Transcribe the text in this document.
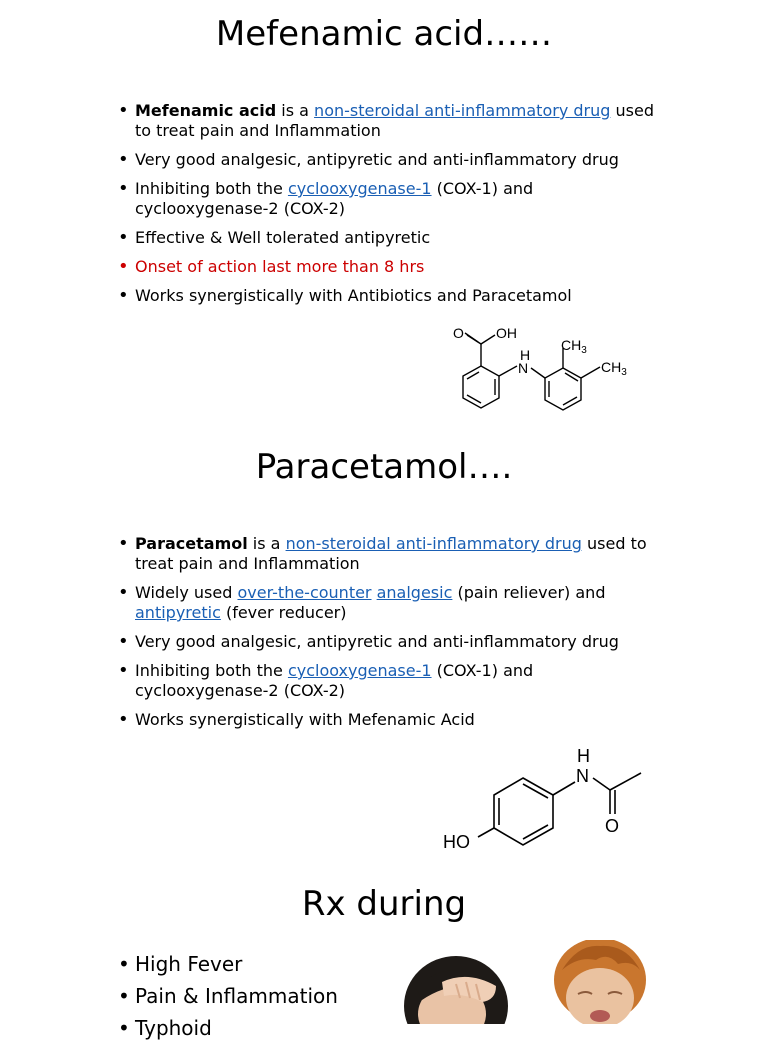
Mefenamic acid……
• Mefenamic acid is a non-steroidal anti-inflammatory drug used to treat pain and Inflammation
• Very good analgesic, antipyretic and anti-inflammatory drug
• Inhibiting both the cyclooxygenase-1 (COX-1) and cyclooxygenase-2 (COX-2)
• Effective & Well tolerated antipyretic
• Onset of action last more than 8 hrs
• Works synergistically with Antibiotics and Paracetamol
O OH
H
N
$CH_3$
$CH_3$
Paracetamol….
• Paracetamol is a non-steroidal anti-inflammatory drug used to treat pain and Inflammation
• Widely used over-the-counter analgesic (pain reliever) and antipyretic (fever reducer)
• Very good analgesic, antipyretic and anti-inflammatory drug
• Inhibiting both the cyclooxygenase-1 (COX-1) and cyclooxygenase-2 (COX-2)
• Works synergistically with Mefenamic Acid
H
N
O
HO
Rx during
• High Fever
• Pain & Inflammation
• Typhoid
